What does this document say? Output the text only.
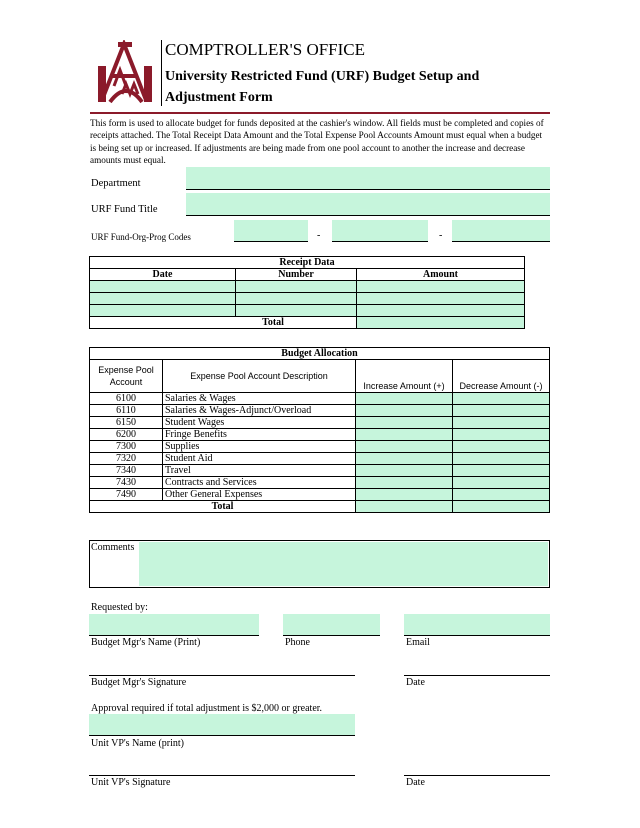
COMPTROLLER'S OFFICE
University Restricted Fund (URF) Budget Setup and Adjustment Form
This form is used to allocate budget for funds deposited at the cashier's window. All fields must be completed and copies of receipts attached. The Total Receipt Data Amount and the Total Expense Pool Accounts Amount must equal when a budget is being set up or increased. If adjustments are being made from one pool account to another the increase and decrease amounts must equal.
Department
URF Fund Title
URF Fund-Org-Prog Codes	-	-
Receipt Data		
Date	Number	Amount

Total		
Budget Allocation			
Expense Pool Account	Expense Pool Account Description	Increase Amount (+)	Decrease Amount (-)
6100	Salaries & Wages		
6110	Salaries & Wages-Adjunct/Overload		
6150	Student Wages		
6200	Fringe Benefits		
7300	Supplies		
7320	Student Aid		
7340	Travel		
7430	Contracts and Services		
7490	Other General Expenses		
Total			
Comments
Requested by:
Budget Mgr's Name (Print)	Phone	Email
Budget Mgr's Signature	Date
Approval required if total adjustment is $2,000 or greater.
Unit VP's Name (print)
Unit VP's Signature	Date
